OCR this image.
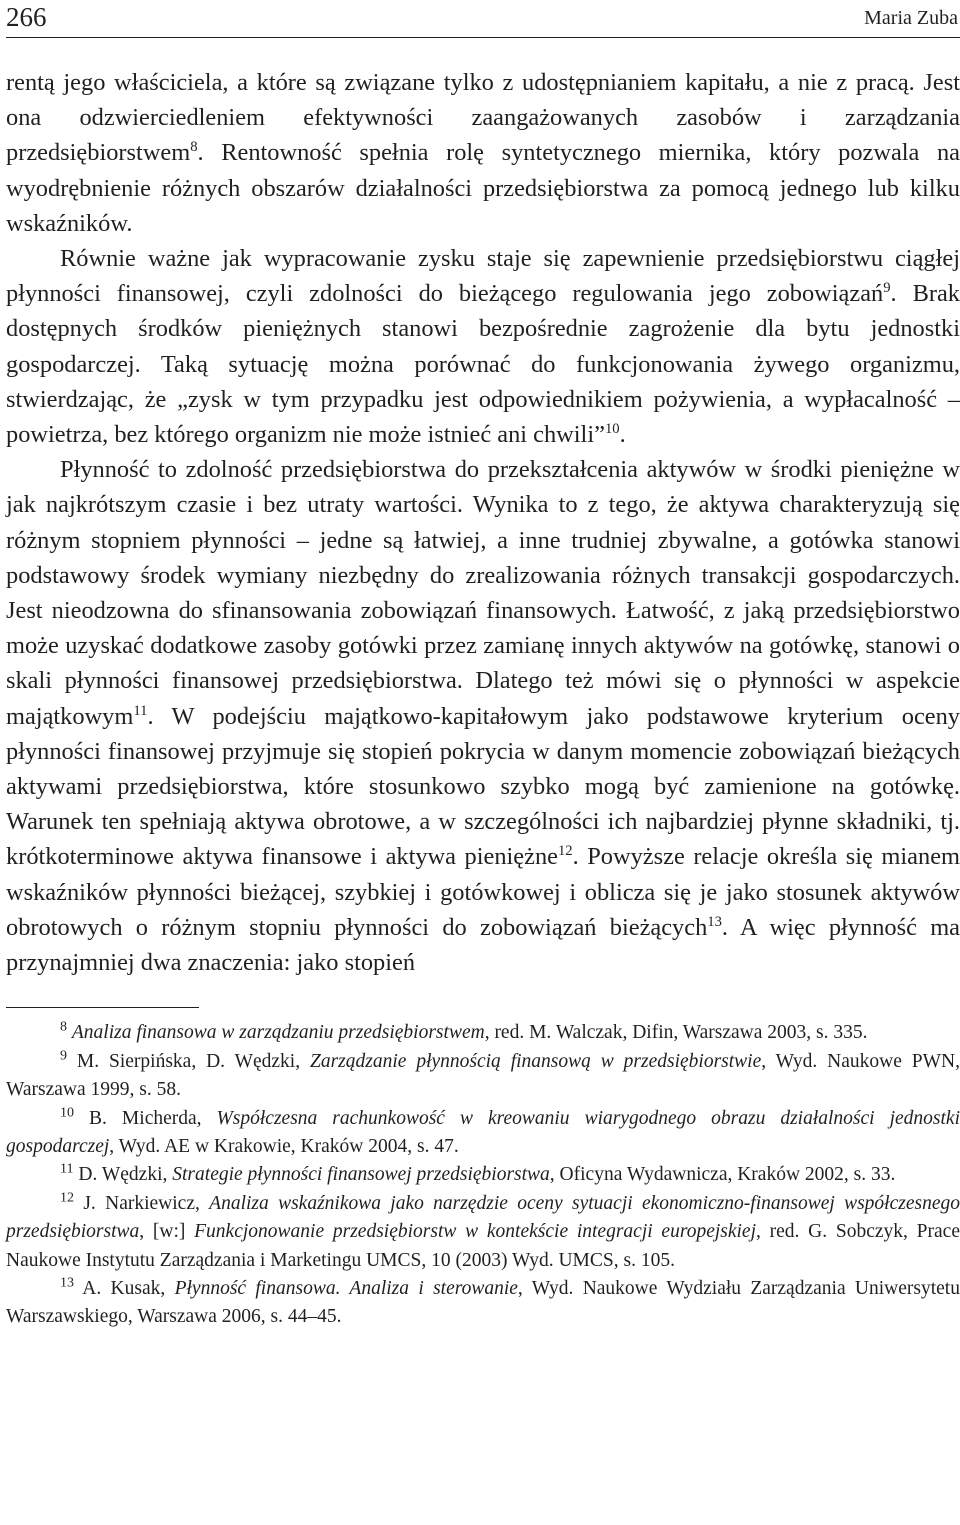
266	Maria Zuba

rentą jego właściciela, a które są związane tylko z udostępnianiem kapitału, a nie z pracą. Jest ona odzwierciedleniem efektywności zaangażowanych zasobów i zarządzania przedsiębiorstwem$^8$. Rentowność spełnia rolę syntetycznego miernika, który pozwala na wyodrębnienie różnych obszarów działalności przedsiębiorstwa za pomocą jednego lub kilku wskaźników.

Równie ważne jak wypracowanie zysku staje się zapewnienie przedsiębiorstwu ciągłej płynności finansowej, czyli zdolności do bieżącego regulowania jego zobowiązań$^9$. Brak dostępnych środków pieniężnych stanowi bezpośrednie zagrożenie dla bytu jednostki gospodarczej. Taką sytuację można porównać do funkcjonowania żywego organizmu, stwierdzając, że „zysk w tym przypadku jest odpowiednikiem pożywienia, a wypłacalność – powietrza, bez którego organizm nie może istnieć ani chwili”$^{10}$.

Płynność to zdolność przedsiębiorstwa do przekształcenia aktywów w środki pieniężne w jak najkrótszym czasie i bez utraty wartości. Wynika to z tego, że aktywa charakteryzują się różnym stopniem płynności – jedne są łatwiej, a inne trudniej zbywalne, a gotówka stanowi podstawowy środek wymiany niezbędny do zrealizowania różnych transakcji gospodarczych. Jest nieodzowna do sfinansowania zobowiązań finansowych. Łatwość, z jaką przedsiębiorstwo może uzyskać dodatkowe zasoby gotówki przez zamianę innych aktywów na gotówkę, stanowi o skali płynności finansowej przedsiębiorstwa. Dlatego też mówi się o płynności w aspekcie majątkowym$^{11}$. W podejściu majątkowo-kapitałowym jako podstawowe kryterium oceny płynności finansowej przyjmuje się stopień pokrycia w danym momencie zobowiązań bieżących aktywami przedsiębiorstwa, które stosunkowo szybko mogą być zamienione na gotówkę. Warunek ten spełniają aktywa obrotowe, a w szczególności ich najbardziej płynne składniki, tj. krótkoterminowe aktywa finansowe i aktywa pieniężne$^{12}$. Powyższe relacje określa się mianem wskaźników płynności bieżącej, szybkiej i gotówkowej i oblicza się je jako stosunek aktywów obrotowych o różnym stopniu płynności do zobowiązań bieżących$^{13}$. A więc płynność ma przynajmniej dwa znaczenia: jako stopień

$^8$ Analiza finansowa w zarządzaniu przedsiębiorstwem, red. M. Walczak, Difin, Warszawa 2003, s. 335.

$^9$ M. Sierpińska, D. Wędzki, Zarządzanie płynnością finansową w przedsiębiorstwie, Wyd. Naukowe PWN, Warszawa 1999, s. 58.

$^{10}$ B. Micherda, Współczesna rachunkowość w kreowaniu wiarygodnego obrazu działalności jednostki gospodarczej, Wyd. AE w Krakowie, Kraków 2004, s. 47.

$^{11}$ D. Wędzki, Strategie płynności finansowej przedsiębiorstwa, Oficyna Wydawnicza, Kraków 2002, s. 33.

$^{12}$ J. Narkiewicz, Analiza wskaźnikowa jako narzędzie oceny sytuacji ekonomiczno-finansowej współczesnego przedsiębiorstwa, [w:] Funkcjonowanie przedsiębiorstw w kontekście integracji europejskiej, red. G. Sobczyk, Prace Naukowe Instytutu Zarządzania i Marketingu UMCS, 10 (2003) Wyd. UMCS, s. 105.

$^{13}$ A. Kusak, Płynność finansowa. Analiza i sterowanie, Wyd. Naukowe Wydziału Zarządzania Uniwersytetu Warszawskiego, Warszawa 2006, s. 44–45.
